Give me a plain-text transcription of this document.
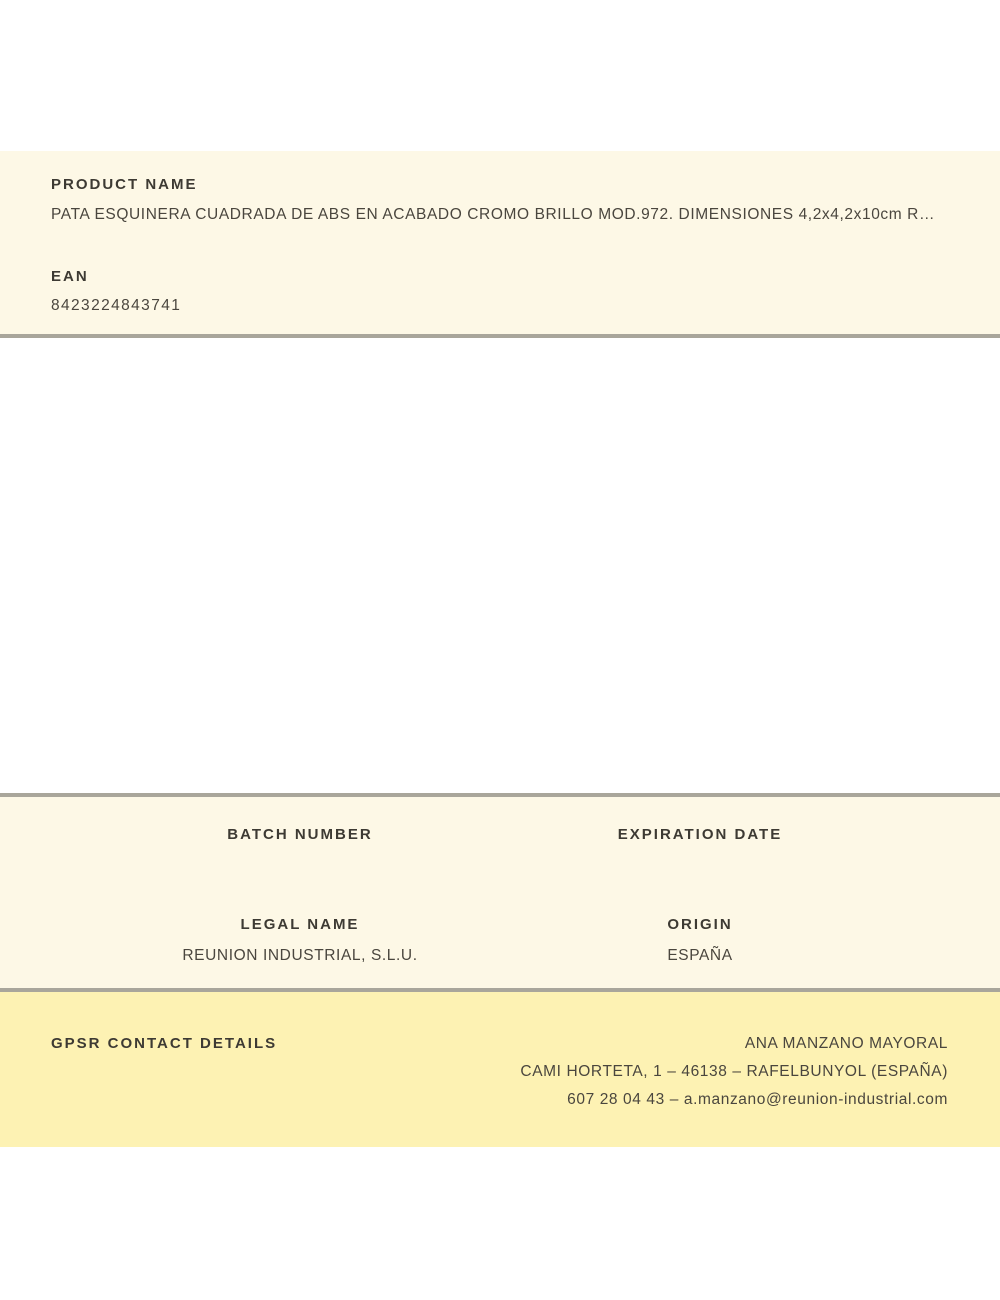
PRODUCT NAME
PATA ESQUINERA CUADRADA DE ABS EN ACABADO CROMO BRILLO MOD.972. DIMENSIONES 4,2x4,2x10cm R…
EAN
8423224843741
BATCH NUMBER	EXPIRATION DATE
LEGAL NAME
REUNION INDUSTRIAL, S.L.U.
ORIGIN
ESPAÑA
GPSR CONTACT DETAILS	ANA MANZANO MAYORAL
CAMI HORTETA, 1 – 46138 – RAFELBUNYOL (ESPAÑA)
607 28 04 43 – a.manzano@reunion-industrial.com
